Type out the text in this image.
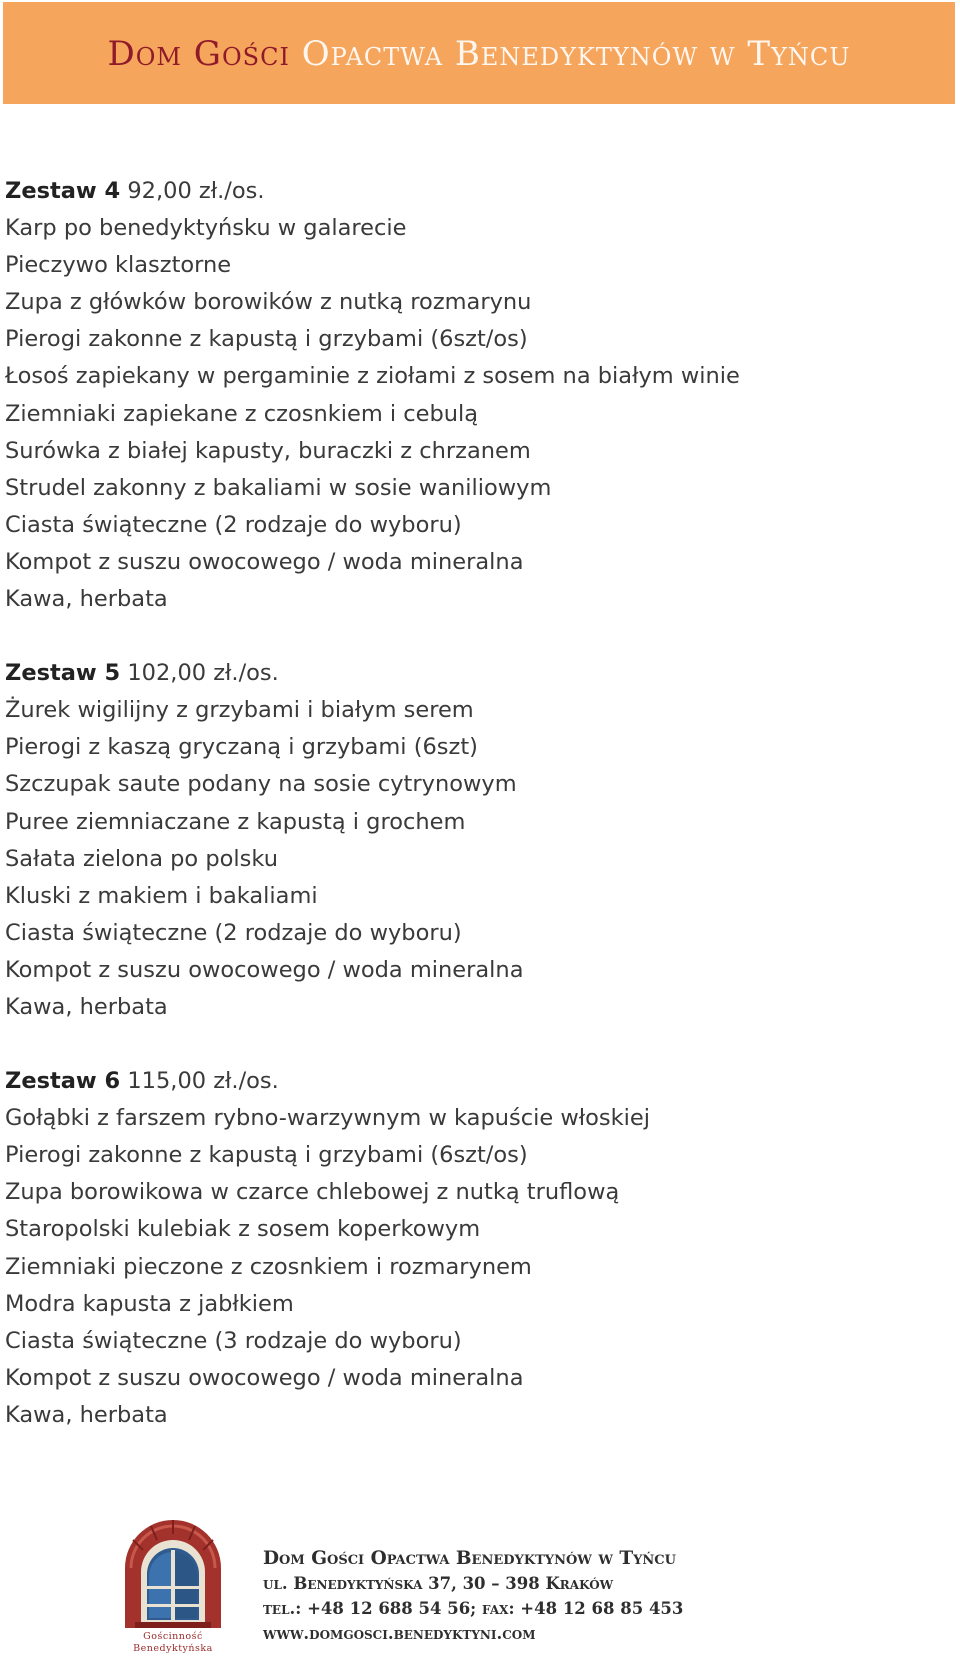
Dom Gości Opactwa Benedyktynów w Tyńcu
Zestaw 4 92,00 zł./os.
Karp po benedyktyńsku w galarecie
Pieczywo klasztorne
Zupa z główków borowików z nutką rozmarynu
Pierogi zakonne z kapustą i grzybami (6szt/os)
Łosoś zapiekany w pergaminie z ziołami z sosem na białym winie
Ziemniaki zapiekane z czosnkiem i cebulą
Surówka z białej kapusty, buraczki z chrzanem
Strudel zakonny z bakaliami w sosie waniliowym
Ciasta świąteczne (2 rodzaje do wyboru)
Kompot z suszu owocowego / woda mineralna
Kawa, herbata
Zestaw 5 102,00 zł./os.
Żurek wigilijny z grzybami i białym serem
Pierogi z kaszą gryczaną i grzybami (6szt)
Szczupak saute podany na sosie cytrynowym
Puree ziemniaczane z kapustą i grochem
Sałata zielona po polsku
Kluski z makiem i bakaliami
Ciasta świąteczne (2 rodzaje do wyboru)
Kompot z suszu owocowego / woda mineralna
Kawa, herbata
Zestaw 6 115,00 zł./os.
Gołąbki z farszem rybno-warzywnym w kapuście włoskiej
Pierogi zakonne z kapustą i grzybami (6szt/os)
Zupa borowikowa w czarce chlebowej z nutką truflową
Staropolski kulebiak z sosem koperkowym
Ziemniaki pieczone z czosnkiem i rozmarynem
Modra kapusta z jabłkiem
Ciasta świąteczne (3 rodzaje do wyboru)
Kompot z suszu owocowego / woda mineralna
Kawa, herbata
Gościnność
Benedyktyńska
Dom Gości Opactwa Benedyktynów w Tyńcu
ul. Benedyktyńska 37, 30 – 398 Kraków
tel.: +48 12 688 54 56; fax: +48 12 68 85 453
www.domgosci.benedyktyni.com
